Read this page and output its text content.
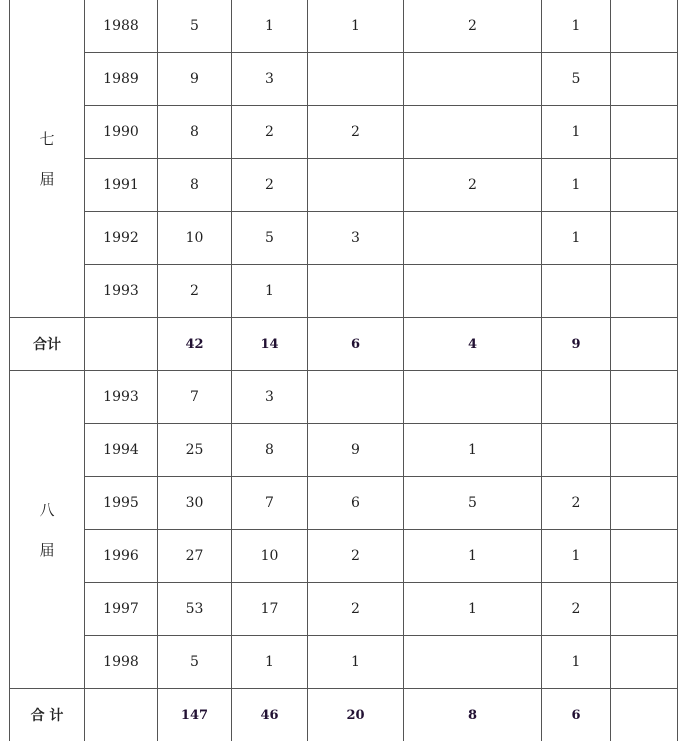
七
届	1988	5	1	1	2	1	
	1989	9	3			5	
	1990	8	2	2		1	
	1991	8	2		2	1	
	1992	10	5	3		1	
	1993	2	1				
合计		42	14	6	4	9	

八
届	1993	7	3				
	1994	25	8	9	1		
	1995	30	7	6	5	2	
	1996	27	10	2	1	1	
	1997	53	17	2	1	2	
	1998	5	1	1		1	
合 计		147	46	20	8	6	
